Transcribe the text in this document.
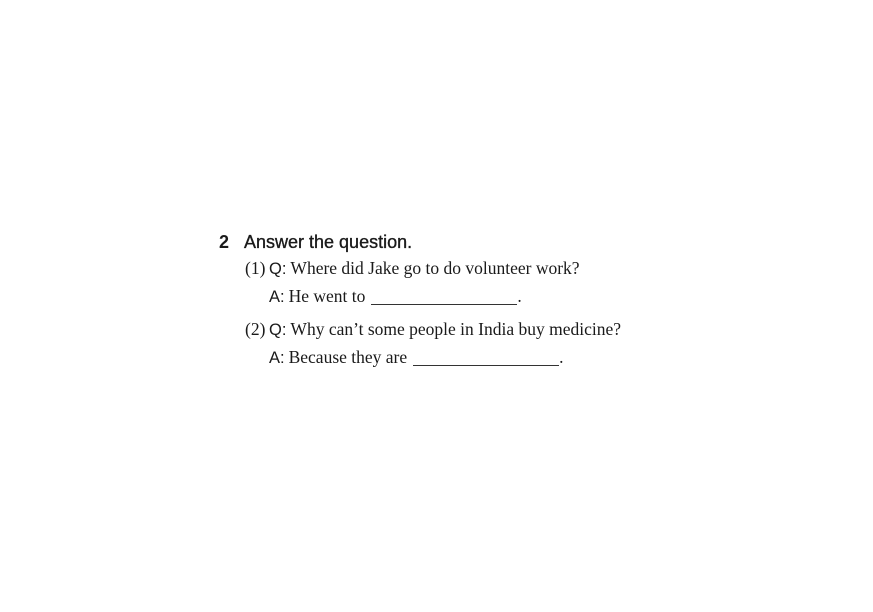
2 Answer the question.
(1) Q: Where did Jake go to do volunteer work?
A: He went to	.
(2) Q: Why can’t some people in India buy medicine?
A: Because they are	.
